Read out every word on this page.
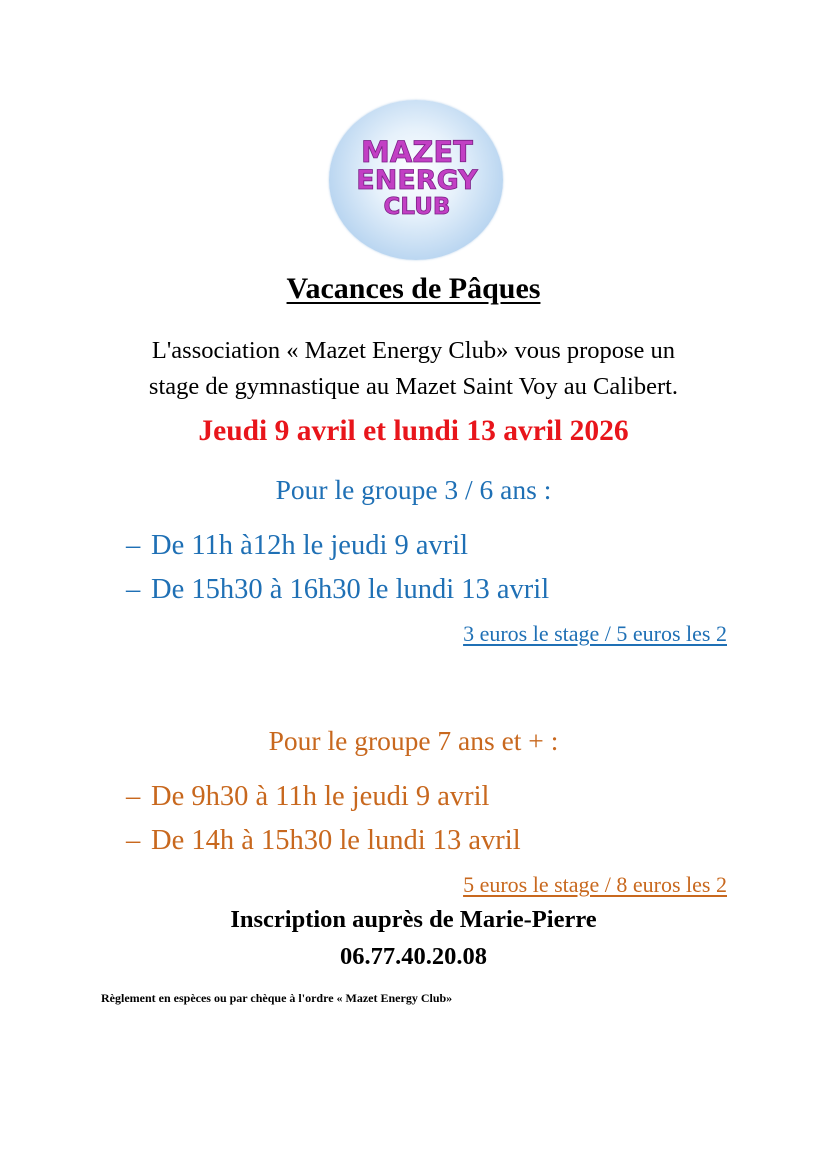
MAZET
ENERGY
CLUB
Vacances de Pâques
L'association « Mazet Energy Club» vous propose un
stage de gymnastique au Mazet Saint Voy au Calibert.
Jeudi 9 avril et lundi 13 avril 2026
Pour le groupe 3 / 6 ans :
– De 11h à12h le jeudi 9 avril
– De 15h30 à 16h30 le lundi 13 avril
3 euros le stage / 5 euros les 2
Pour le groupe 7 ans et + :
– De 9h30 à 11h le jeudi 9 avril
– De 14h à 15h30 le lundi 13 avril
5 euros le stage / 8 euros les 2
Inscription auprès de Marie-Pierre
06.77.40.20.08
Règlement en espèces ou par chèque à l'ordre « Mazet Energy Club»
